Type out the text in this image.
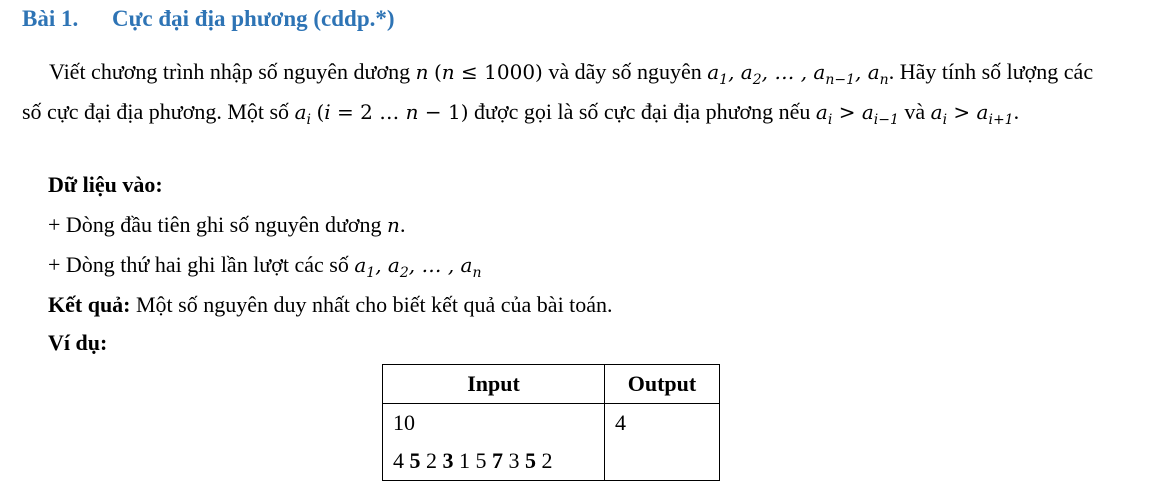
Bài 1. Cực đại địa phương (cddp.*)
Viết chương trình nhập số nguyên dương n (n ≤ 1000) và dãy số nguyên $a_1$, $a_2$, … , $a_{n-1}$, $a_n$. Hãy tính số lượng các số cực đại địa phương. Một số $a_i$ (i = 2 … n − 1) được gọi là số cực đại địa phương nếu $a_i > a_{i-1}$ và $a_i > a_{i+1}$.
Dữ liệu vào:
+ Dòng đầu tiên ghi số nguyên dương n.
+ Dòng thứ hai ghi lần lượt các số $a_1$, $a_2$, … , $a_n$
Kết quả: Một số nguyên duy nhất cho biết kết quả của bài toán.
Ví dụ:
Input	Output

10
4 5 2 3 1 5 7 3 5 2	4
